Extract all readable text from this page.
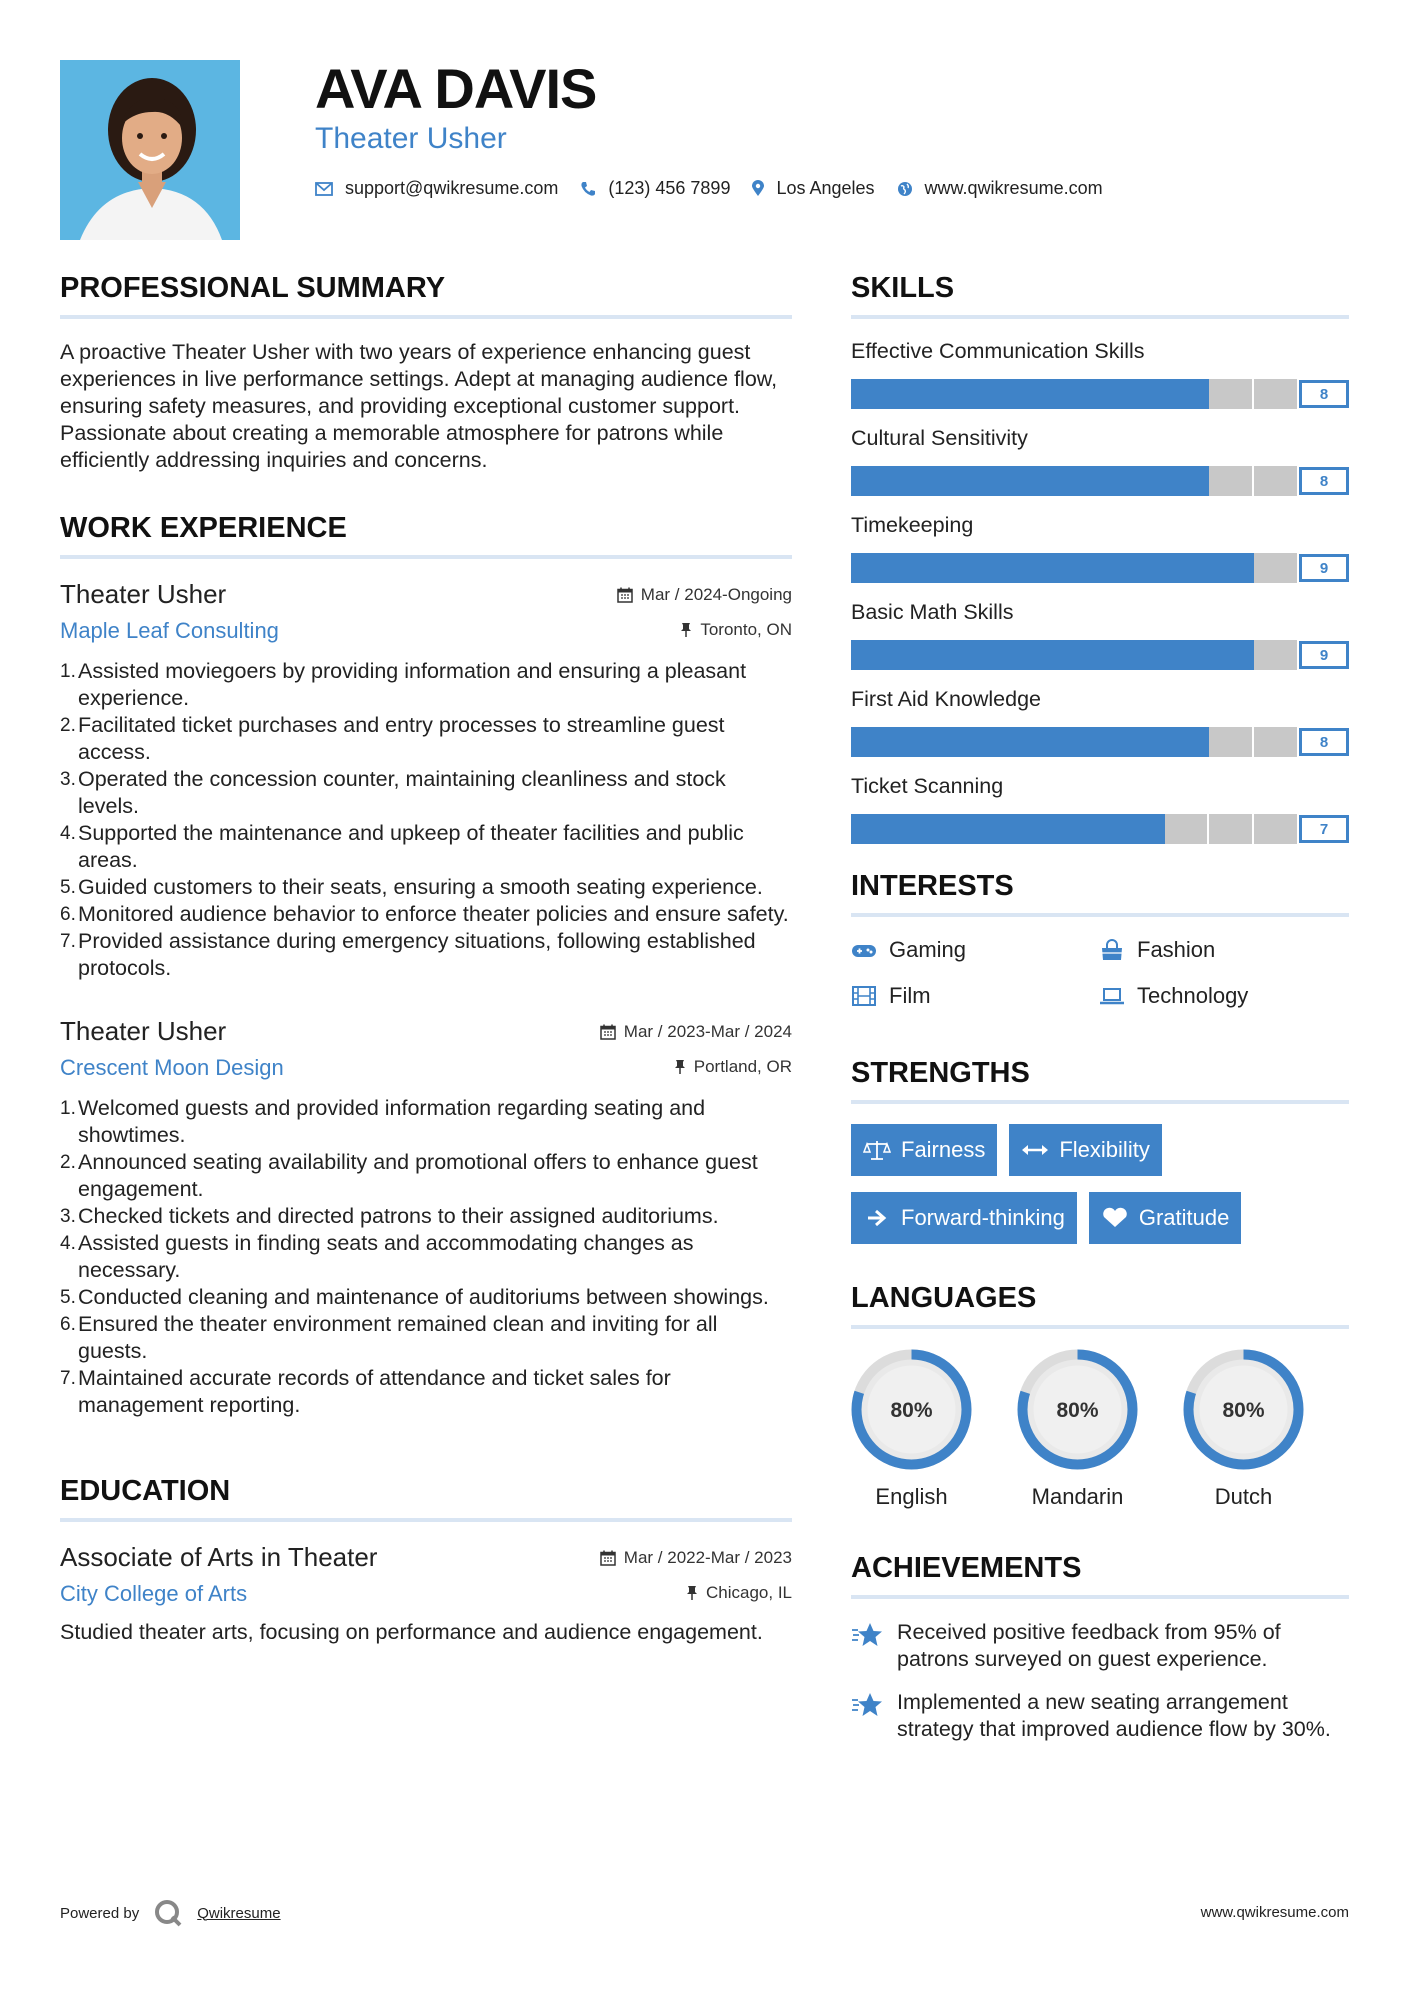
AVA DAVIS
Theater Usher
support@qwikresume.com	(123) 456 7899	Los Angeles	www.qwikresume.com
PROFESSIONAL SUMMARY

A proactive Theater Usher with two years of experience enhancing guest experiences in live performance settings. Adept at managing audience flow, ensuring safety measures, and providing exceptional customer support. Passionate about creating a memorable atmosphere for patrons while efficiently addressing inquiries and concerns.

WORK EXPERIENCE
Theater Usher	Mar / 2024-Ongoing
Maple Leaf Consulting	Toronto, ON
Assisted moviegoers by providing information and ensuring a pleasant experience.
Facilitated ticket purchases and entry processes to streamline guest access.
Operated the concession counter, maintaining cleanliness and stock levels.
Supported the maintenance and upkeep of theater facilities and public areas.
Guided customers to their seats, ensuring a smooth seating experience.
Monitored audience behavior to enforce theater policies and ensure safety.
Provided assistance during emergency situations, following established protocols.
Theater Usher	Mar / 2023-Mar / 2024
Crescent Moon Design	Portland, OR
Welcomed guests and provided information regarding seating and showtimes.
Announced seating availability and promotional offers to enhance guest engagement.
Checked tickets and directed patrons to their assigned auditoriums.
Assisted guests in finding seats and accommodating changes as necessary.
Conducted cleaning and maintenance of auditoriums between showings.
Ensured the theater environment remained clean and inviting for all guests.
Maintained accurate records of attendance and ticket sales for management reporting.
EDUCATION
Associate of Arts in Theater	Mar / 2022-Mar / 2023
City College of Arts	Chicago, IL

Studied theater arts, focusing on performance and audience engagement.

SKILLS
Effective Communication Skills
8
Cultural Sensitivity
8
Timekeeping
9
Basic Math Skills
9
First Aid Knowledge
8
Ticket Scanning
7
INTERESTS
Gaming	Fashion
Film	Technology
STRENGTHS
Fairness	Flexibility
Forward-thinking	Gratitude
LANGUAGES
80%
English
80%
Mandarin
80%
Dutch
ACHIEVEMENTS
Received positive feedback from 95% of patrons surveyed on guest experience.
Implemented a new seating arrangement strategy that improved audience flow by 30%.
Powered by	Qwikresume	www.qwikresume.com
